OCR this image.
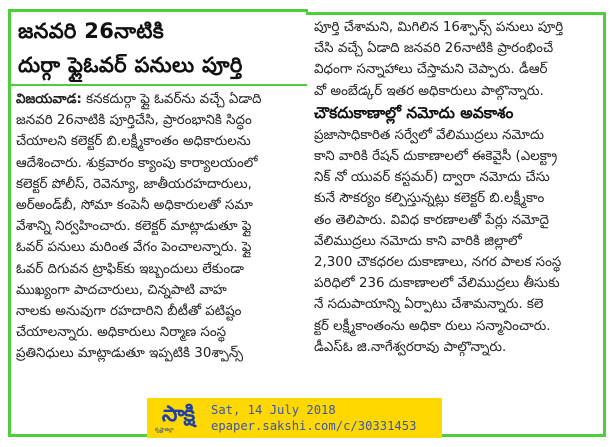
జనవరి 26నాటికి
దుర్గా ఫ్లైఓవర్ పనులు పూర్తి
విజయవాడ: కనకదుర్గా ఫ్లై ఓవర్‌ను వచ్చే ఏడాది
జనవరి 26నాటికి పూర్తిచేసి, ప్రారంభానికి సిద్ధం
చేయాలని కలెక్టర్ బి.లక్ష్మీకాంతం అధికారులను
ఆదేశించారు. శుక్రవారం క్యాంపు కార్యాలయంలో
కలెక్టర్ పోలీస్, రెవెన్యూ, జాతీయరహదారులు,
అర్అండ్‌బీ, సోమా కంపెనీ అధికారులతో సమా
వేశాన్ని నిర్వహించారు. కలెక్టర్ మాట్లాడుతూ ఫ్లై
ఓవర్ పనులు మరింత వేగం పెంచాలన్నారు. ఫ్లై
ఓవర్ దిగువన ట్రాఫిక్‌కు ఇబ్బందులు లేకుండా
ముఖ్యంగా పాదచారులు, చిన్నపాటి వాహ
నాలకు అనువుగా రహదారిని బీటీతో పటిష్టం
చేయాలన్నారు. అధికారులు నిర్మాణ సంస్థ
ప్రతినిధులు మాట్లాడుతూ ఇప్పటికి 30శ్పాన్స్
పూర్తి చేశామని, మిగిలిన 16శ్పాన్స్ పనులు పూర్తి
చేసి వచ్చే ఏడాది జనవరి 26నాటికి ప్రారంభించే
విధంగా సన్నాహాలు చేస్తామని చెప్పారు. డీఆర్
వో అంబేడ్కర్ ఇతర అధికారులు పాల్గొన్నారు.
చౌకదుకాణాల్లో నమోదు అవకాశం
ప్రజాసాధికారిత సర్వేలో వేలిముద్రలు నమోదు
కాని వారికి రేషన్ దుకాణాలలో ఈకెవైసీ (ఎలక్ట్రా
నిక్ నో యువర్ కస్టమర్) ద్వారా నమోదు చేసు
కునే సౌకర్యం కల్పిస్తున్నట్లు కలెక్టర్ బి.లక్ష్మీకాం
తం తెలిపారు. వివిధ కారణాలతో పేర్లు నమోదై
వేలిముద్రలు నమోదు కాని వారికి జిల్లాలో
2,300 చౌకధరల దుకాణాలు, నగర పాలక సంస్థ
పరిధిలో 236 దుకాణాలలో వేలిముద్రలు తీసుకు
నే సదుపాయాన్ని ఏర్పాటు చేశామన్నారు. కలె
క్టర్ లక్ష్మీకాంతంను అధికా రులు సన్మానించారు.
డీఎస్‌ఓ జి.నాగేశ్వరరావు పాల్గొన్నారు.
సాక్షి
కృష్ణాజిల్లా
Sat, 14 July 2018
epaper.sakshi.com/c/30331453
